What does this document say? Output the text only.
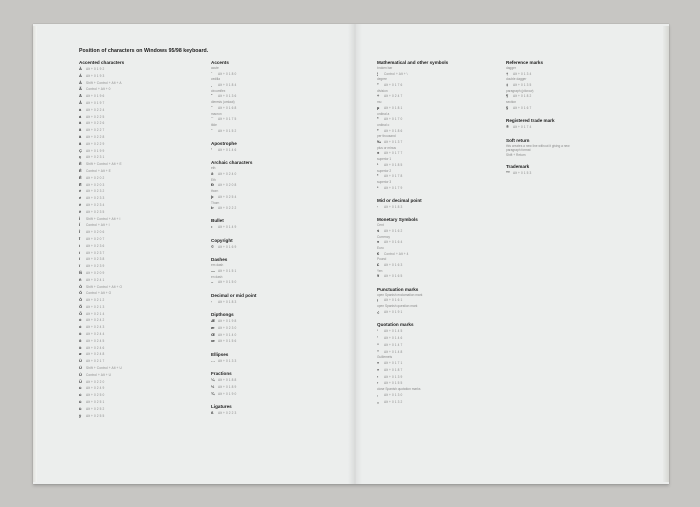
Position of characters on Windows 95/98 keyboard.
Accented characters
À Alt + 0 1 9 2
Á Alt + 0 1 9 3
Â Shift + Control + Alt + A
Ã Control + Alt + 0
Ä Alt + 0 1 9 6
Å Alt + 0 1 9 7
à Alt + 0 2 2 4
á Alt + 0 2 2 5
â Alt + 0 2 2 6
ã Alt + 0 2 2 7
ä Alt + 0 2 2 8
å Alt + 0 2 2 9
Ç Alt + 0 1 9 9
ç Alt + 0 2 3 1
È Shift + Control + Alt + E
É Control + Alt + E
Ê Alt + 0 2 0 2
Ë Alt + 0 2 0 3
è Alt + 0 2 3 2
é Alt + 0 2 3 3
ê Alt + 0 2 3 4
ë Alt + 0 2 3 5
Ì Shift + Control + Alt + I
Í Control + Alt + I
Î Alt + 0 2 0 6
Ï Alt + 0 2 0 7
ì Alt + 0 2 3 6
í Alt + 0 2 3 7
î Alt + 0 2 3 8
ï Alt + 0 2 3 9
Ñ Alt + 0 2 0 9
ñ Alt + 0 2 4 1
Ò Shift + Control + Alt + O
Ó Control + Alt + O
Ô Alt + 0 2 1 2
Õ Alt + 0 2 1 3
Ö Alt + 0 2 1 4
ò Alt + 0 2 4 2
ó Alt + 0 2 4 3
ô Alt + 0 2 4 4
õ Alt + 0 2 4 5
ö Alt + 0 2 4 6
ø Alt + 0 2 4 8
Ù Alt + 0 2 1 7
Ú Shift + Control + Alt + U
Û Control + Alt + U
Ü Alt + 0 2 2 0
ù Alt + 0 2 4 9
ú Alt + 0 2 5 0
û Alt + 0 2 5 1
ü Alt + 0 2 5 2
ÿ Alt + 0 2 5 5
Accents
acute
´ Alt + 0 1 8 0
cedilla
¸ Alt + 0 1 8 4
circumflex
ˆ Alt + 0 1 3 6
dieresis (umlaut)
¨ Alt + 0 1 6 8
macron
¯ Alt + 0 1 7 5
tilde
˜ Alt + 0 1 5 2
Apostrophe
’ Alt + 0 1 4 6
Archaic characters
eth
ð Alt + 0 2 4 0
Eth
Ð Alt + 0 2 0 8
thorn
þ Alt + 0 2 5 4
Thorn
Þ Alt + 0 2 2 2
Bullet
• Alt + 0 1 4 9
Copyright
© Alt + 0 1 6 9
Dashes
em dash
— Alt + 0 1 5 1
en dash
– Alt + 0 1 5 0
Decimal or mid point
· Alt + 0 1 8 3
Dipthongs
Æ Alt + 0 1 9 8
æ Alt + 0 2 3 0
Œ Alt + 0 1 4 0
œ Alt + 0 1 5 6
Ellipses
… Alt + 0 1 3 3
Fractions
¼ Alt + 0 1 8 8
½ Alt + 0 1 8 9
¾ Alt + 0 1 9 0
Ligatures
ß Alt + 0 2 2 3
Mathematical and other symbols
broken bar
¦ Control + Alt + \
degree
° Alt + 0 1 7 6
division
÷ Alt + 0 2 4 7
mu
µ Alt + 0 1 8 1
ordinal a
ª Alt + 0 1 7 0
ordinal o
º Alt + 0 1 8 6
per thousand
‰ Alt + 0 1 3 7
plus or minus
± Alt + 0 1 7 7
superior 1
¹ Alt + 0 1 8 5
superior 2
² Alt + 0 1 7 8
superior 3
³ Alt + 0 1 7 9
Mid or decimal point
· Alt + 0 1 8 3
Monetary Symbols
Cent
¢ Alt + 0 1 6 2
Currency
¤ Alt + 0 1 6 4
Euro
€ Control + Alt + 4
Pound
£ Alt + 0 1 6 3
Yen
¥ Alt + 0 1 6 5
Punctuation marks
open Spanish exclamation mark
¡ Alt + 0 1 6 1
open Spanish question mark
¿ Alt + 0 1 9 1
Quotation marks
‘ Alt + 0 1 4 5
’ Alt + 0 1 4 6
“ Alt + 0 1 4 7
” Alt + 0 1 4 8
Guillemets
« Alt + 0 1 7 1
» Alt + 0 1 8 7
‹ Alt + 0 1 3 9
› Alt + 0 1 5 5
close Spanish quotation marks
‚ Alt + 0 1 3 0
„ Alt + 0 1 3 2
Reference marks
dagger
† Alt + 0 1 3 4
double dagger
‡ Alt + 0 1 3 5
paragraph (pilcrow)
¶ Alt + 0 1 8 2
section
§ Alt + 0 1 6 7
Registered trade mark
® Alt + 0 1 7 4
Soft return
this creates a new line without it giving a new
paragraph format
Shift + Return
Trademark
™ Alt + 0 1 5 3
